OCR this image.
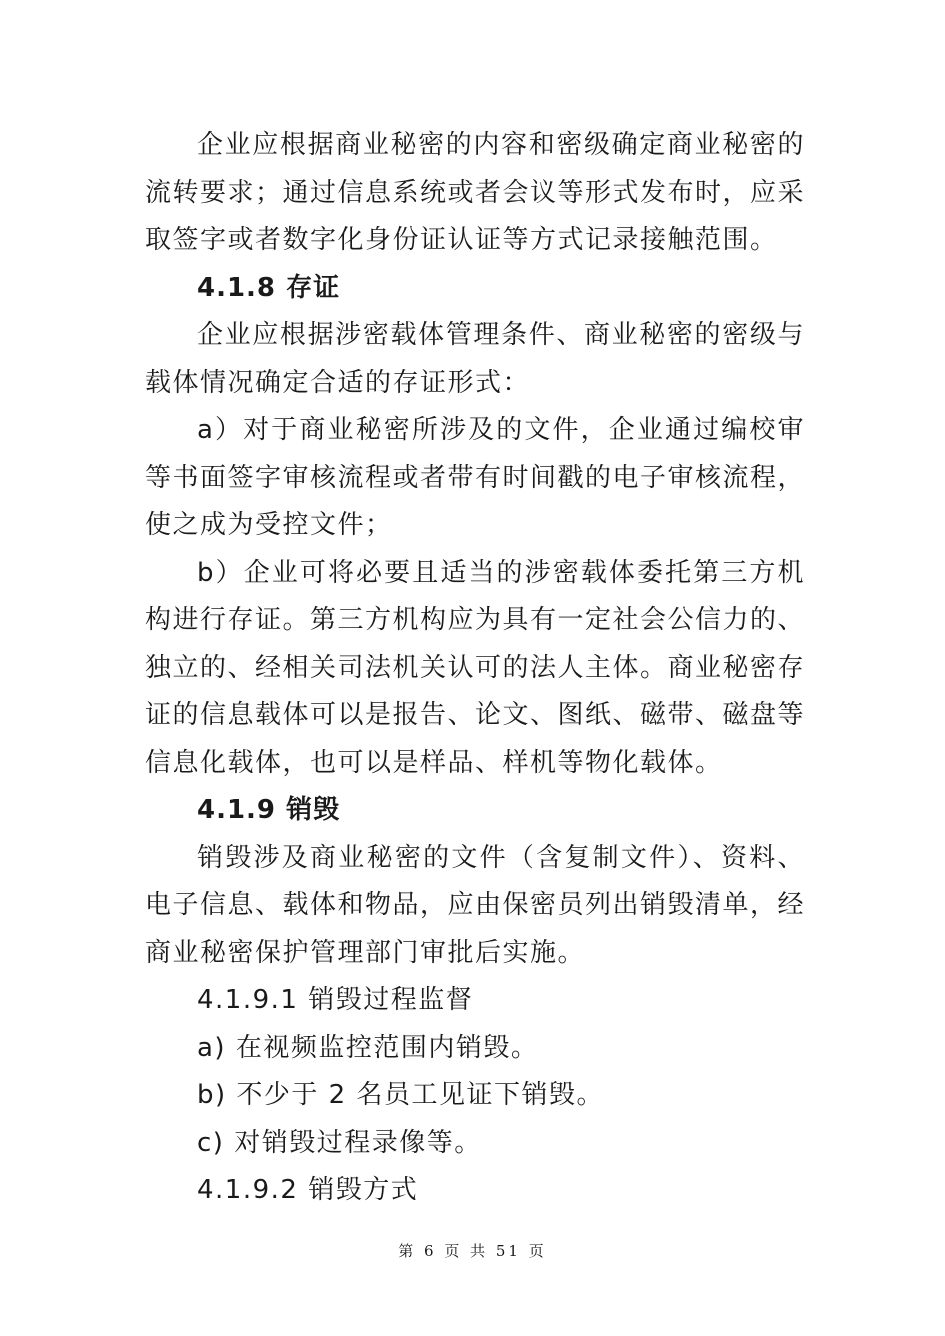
企业应根据商业秘密的内容和密级确定商业秘密的流转要求；通过信息系统或者会议等形式发布时，应采取签字或者数字化身份证认证等方式记录接触范围。

4.1.8 存证

企业应根据涉密载体管理条件、商业秘密的密级与载体情况确定合适的存证形式：

a）对于商业秘密所涉及的文件，企业通过编校审等书面签字审核流程或者带有时间戳的电子审核流程，使之成为受控文件；

b）企业可将必要且适当的涉密载体委托第三方机构进行存证。第三方机构应为具有一定社会公信力的、独立的、经相关司法机关认可的法人主体。商业秘密存证的信息载体可以是报告、论文、图纸、磁带、磁盘等信息化载体，也可以是样品、样机等物化载体。

4.1.9 销毁

销毁涉及商业秘密的文件（含复制文件）、资料、电子信息、载体和物品，应由保密员列出销毁清单，经商业秘密保护管理部门审批后实施。

4.1.9.1 销毁过程监督

a) 在视频监控范围内销毁。

b) 不少于 2 名员工见证下销毁。

c) 对销毁过程录像等。

4.1.9.2 销毁方式

第 6 页 共 51 页
